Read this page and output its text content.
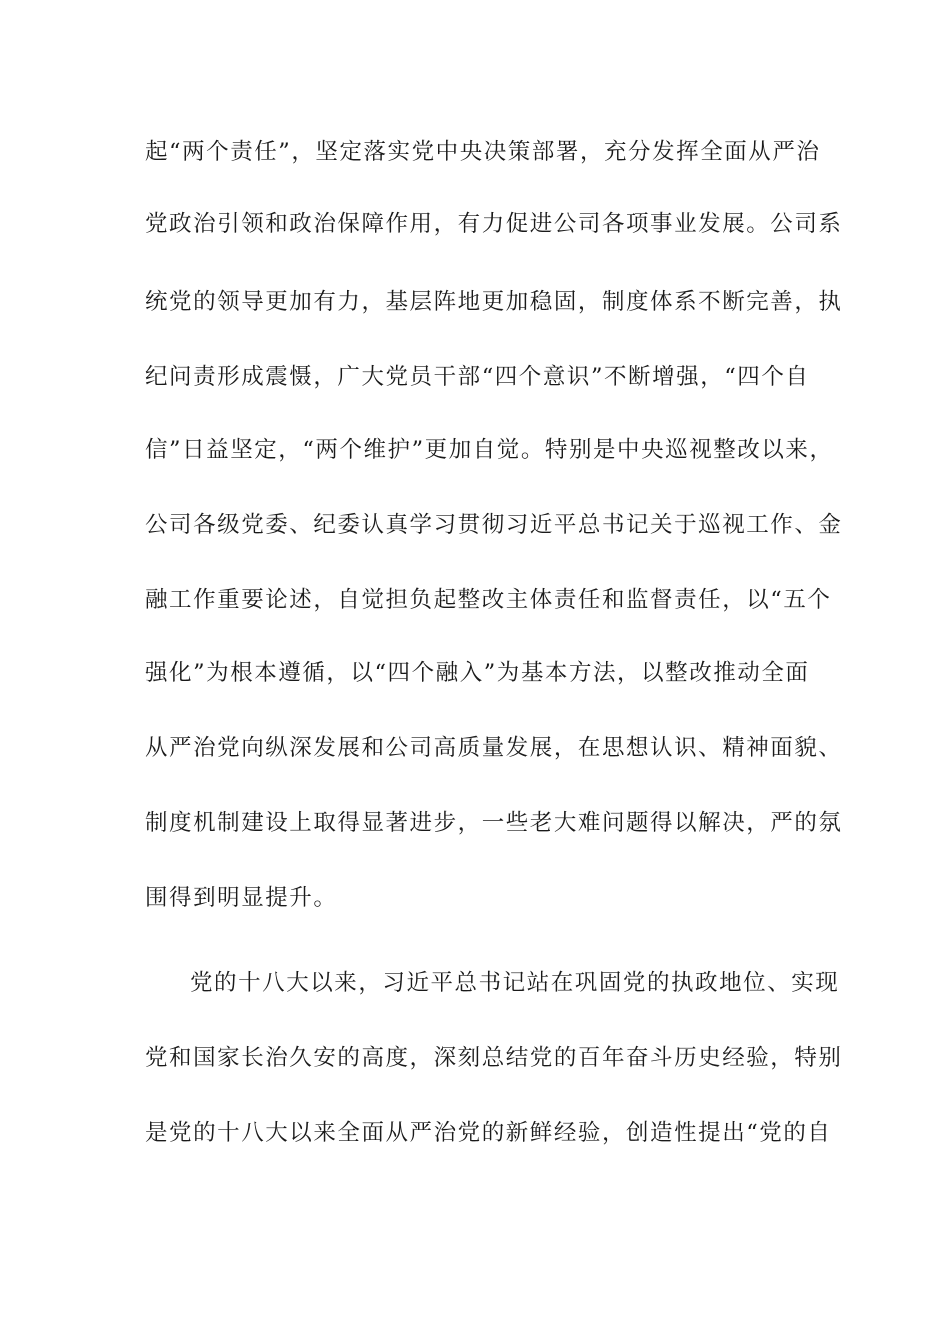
起“两个责任”，坚定落实党中央决策部署，充分发挥全面从严治
党政治引领和政治保障作用，有力促进公司各项事业发展。公司系
统党的领导更加有力，基层阵地更加稳固，制度体系不断完善，执
纪问责形成震慑，广大党员干部“四个意识”不断增强，“四个自
信”日益坚定，“两个维护”更加自觉。特别是中央巡视整改以来，
公司各级党委、纪委认真学习贯彻习近平总书记关于巡视工作、金
融工作重要论述，自觉担负起整改主体责任和监督责任，以“五个
强化”为根本遵循，以“四个融入”为基本方法，以整改推动全面
从严治党向纵深发展和公司高质量发展，在思想认识、精神面貌、
制度机制建设上取得显著进步，一些老大难问题得以解决，严的氛
围得到明显提升。
党的十八大以来，习近平总书记站在巩固党的执政地位、实现
党和国家长治久安的高度，深刻总结党的百年奋斗历史经验，特别
是党的十八大以来全面从严治党的新鲜经验，创造性提出“党的自
